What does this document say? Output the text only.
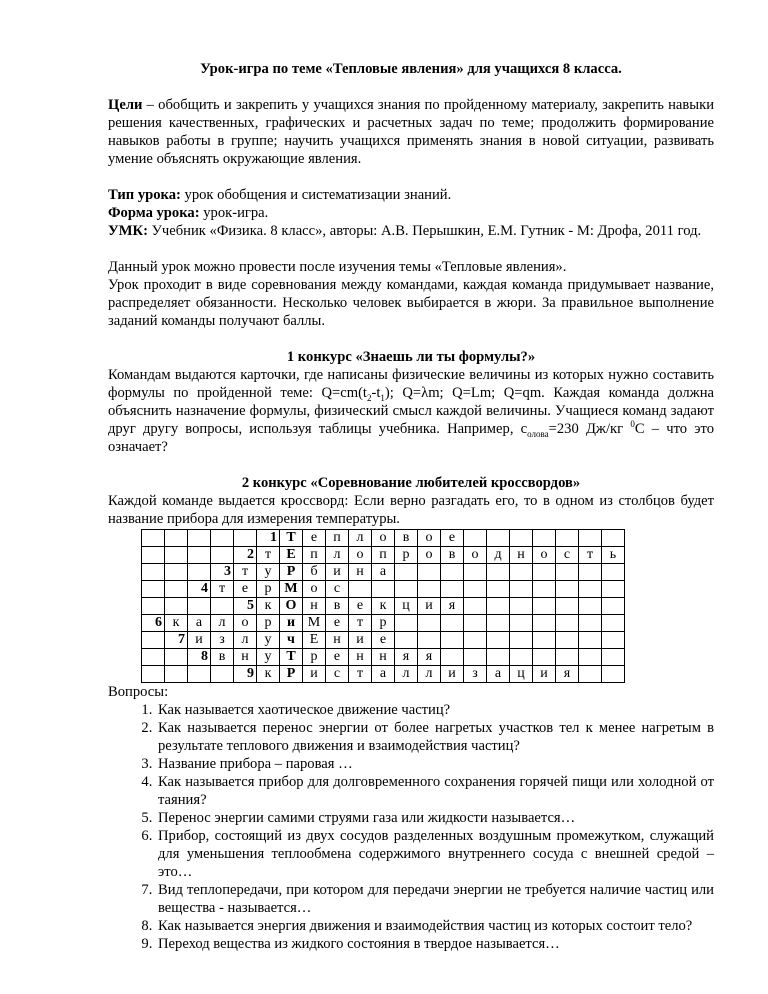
Урок-игра по теме «Тепловые явления» для учащихся 8 класса.

Цели – обобщить и закрепить у учащихся знания по пройденному материалу, закрепить навыки решения качественных, графических и расчетных задач по теме; продолжить формирование навыков работы в группе; научить учащихся применять знания в новой ситуации, развивать умение объяснять окружающие явления.

Тип урока: урок обобщения и систематизации знаний.

Форма урока: урок-игра.

УМК: Учебник «Физика. 8 класс», авторы: А.В. Перышкин, Е.М. Гутник - М: Дрофа, 2011 год.

Данный урок можно провести после изучения темы «Тепловые явления».

Урок проходит в виде соревнования между командами, каждая команда придумывает название, распределяет обязанности. Несколько человек выбирается в жюри. За правильное выполнение заданий команды получают баллы.

1 конкурс «Знаешь ли ты формулы?»

Командам выдаются карточки, где написаны физические величины из которых нужно составить формулы по пройденной теме: $Q=cm(t_2-t_1)$; Q=λm; Q=Lm; Q=qm. Каждая команда должна объяснить назначение формулы, физический смысл каждой величины. Учащиеся команд задают друг другу вопросы, используя таблицы учебника. Например, $с_{олова}=230$ Дж/кг $^0$С – что это означает?

2 конкурс «Соревнование любителей кроссвордов»

Каждой команде выдается кроссворд: Если верно разгадать его, то в одном из столбцов будет название прибора для измерения температуры.

					1	Т	е	п	л	о	в	о	е							
				2	т	Е	п	л	о	п	р	о	в	о	д	н	о	с	т	ь
			3	т	у	Р	б	и	н	а										
		4	т	е	р	М	о	с												
				5	к	О	н	в	е	к	ц	и	я							
6	к	а	л	о	р	и	М	е	т	р										
	7	и	з	л	у	ч	Е	н	и	е										
		8	в	н	у	Т	р	е	н	н	я	я								
				9	к	Р	и	с	т	а	л	л	и	з	а	ц	и	я		
Вопросы:
1. Как называется хаотическое движение частиц?
2. Как называется перенос энергии от более нагретых участков тел к менее нагретым в результате теплового движения и взаимодействия частиц?
3. Название прибора – паровая …
4. Как называется прибор для долговременного сохранения горячей пищи или холодной от таяния?
5. Перенос энергии самими струями газа или жидкости называется…
6. Прибор, состоящий из двух сосудов разделенных воздушным промежутком, служащий для уменьшения теплообмена содержимого внутреннего сосуда с внешней средой – это…
7. Вид теплопередачи, при котором для передачи энергии не требуется наличие частиц или вещества - называется…
8. Как называется энергия движения и взаимодействия частиц из которых состоит тело?
9. Переход вещества из жидкого состояния в твердое называется…
